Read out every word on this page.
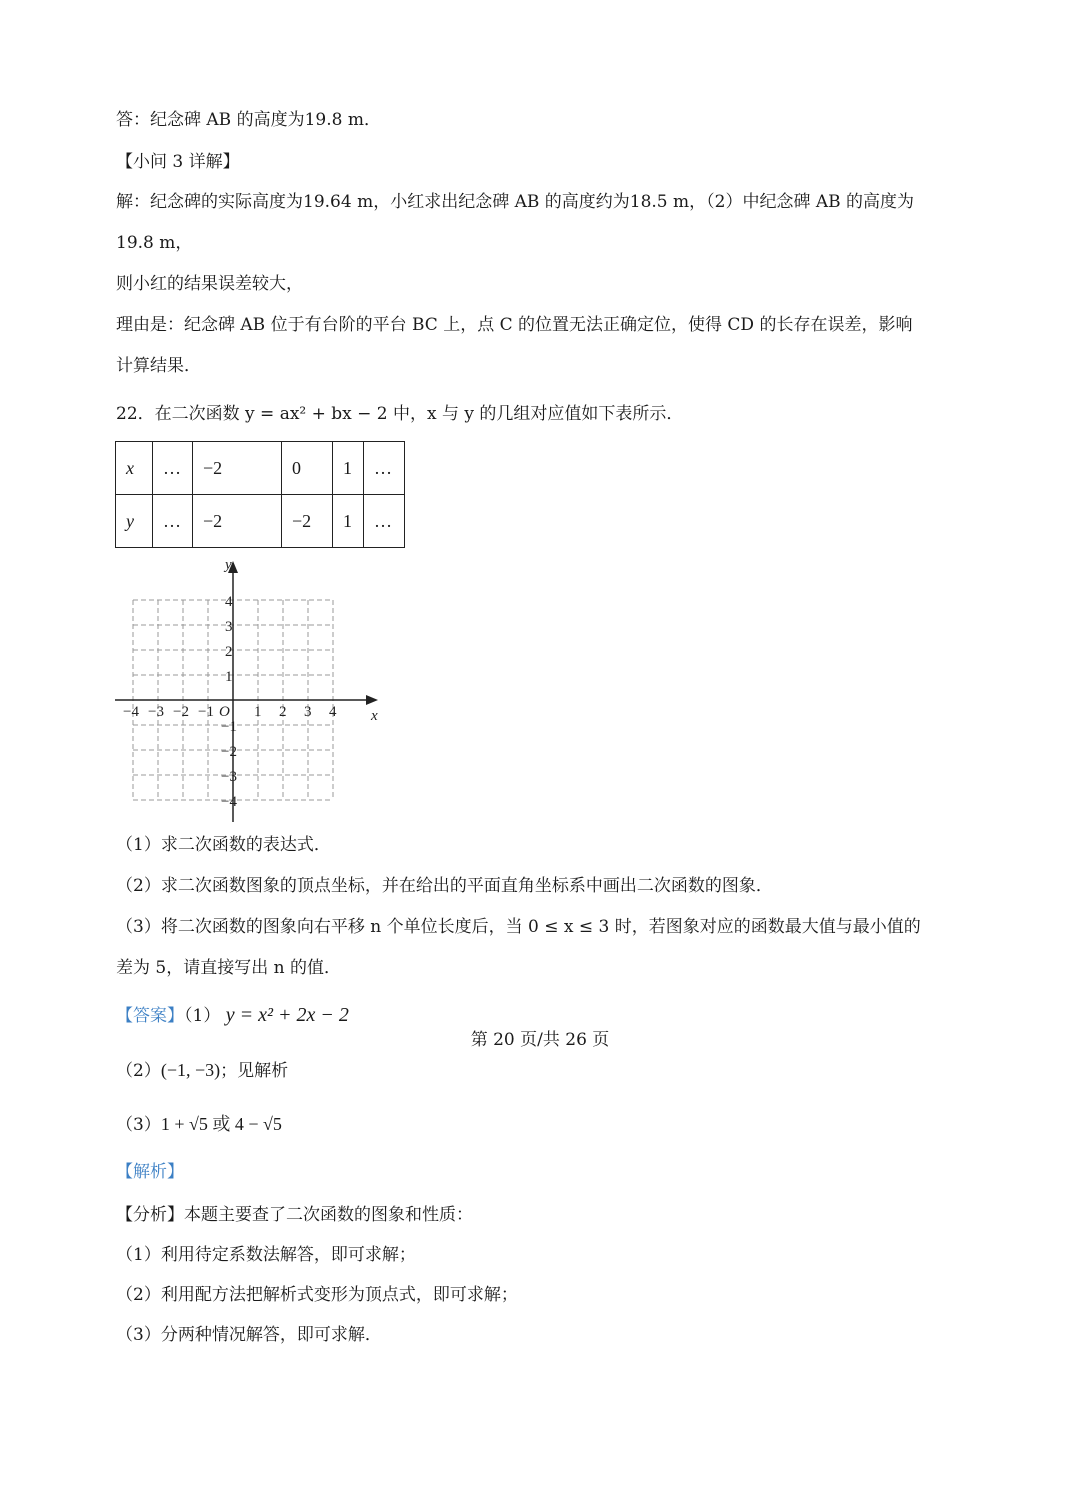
答：纪念碑 AB 的高度为19.8 m．
【小问 3 详解】
解：纪念碑的实际高度为19.64 m，小红求出纪念碑 AB 的高度约为18.5 m，（2）中纪念碑 AB 的高度为
19.8 m，
则小红的结果误差较大，
理由是：纪念碑 AB 位于有台阶的平台 BC 上，点 C 的位置无法正确定位，使得 CD 的长存在误差，影响
计算结果．
22．在二次函数 y = ax² + bx − 2 中，x 与 y 的几组对应值如下表所示．
x	…	−2	0	1	…
y	…	−2	−2	1	…
x
y
O
−4 −3 −2 −1	1 2 3 4
4
3
2
1
−1
−2
−3
−4
（1）求二次函数的表达式．
（2）求二次函数图象的顶点坐标，并在给出的平面直角坐标系中画出二次函数的图象．
（3）将二次函数的图象向右平移 n 个单位长度后，当 0 ≤ x ≤ 3 时，若图象对应的函数最大值与最小值的
差为 5，请直接写出 n 的值．
【答案】（1） y = x² + 2x − 2
（2）(−1, −3)；见解析
（3）1 + √5 或 4 − √5
【解析】
【分析】本题主要查了二次函数的图象和性质：
（1）利用待定系数法解答，即可求解；
（2）利用配方法把解析式变形为顶点式，即可求解；
（3）分两种情况解答，即可求解．
第 20 页/共 26 页
